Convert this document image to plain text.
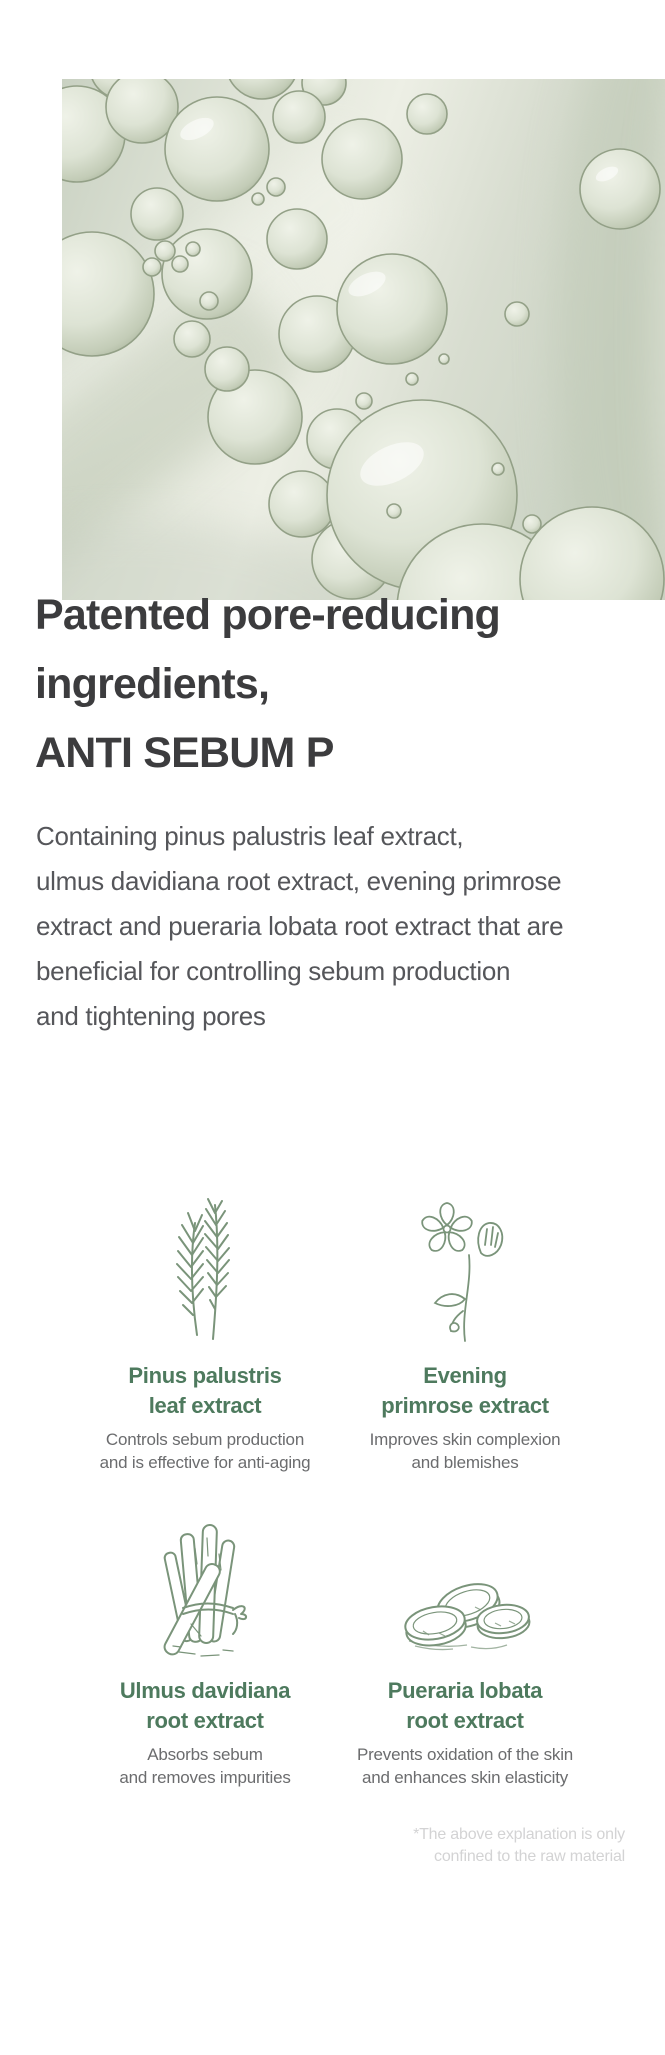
Patented pore-reducing
ingredients,
ANTI SEBUM P
Containing pinus palustris leaf extract,
ulmus davidiana root extract, evening primrose
extract and pueraria lobata root extract that are
beneficial for controlling sebum production
and tightening pores
Pinus palustris
leaf extract
Controls sebum production
and is effective for anti-aging
Evening
primrose extract
Improves skin complexion
and blemishes
Ulmus davidiana
root extract
Absorbs sebum
and removes impurities
Pueraria lobata
root extract
Prevents oxidation of the skin
and enhances skin elasticity
*The above explanation is only
confined to the raw material
